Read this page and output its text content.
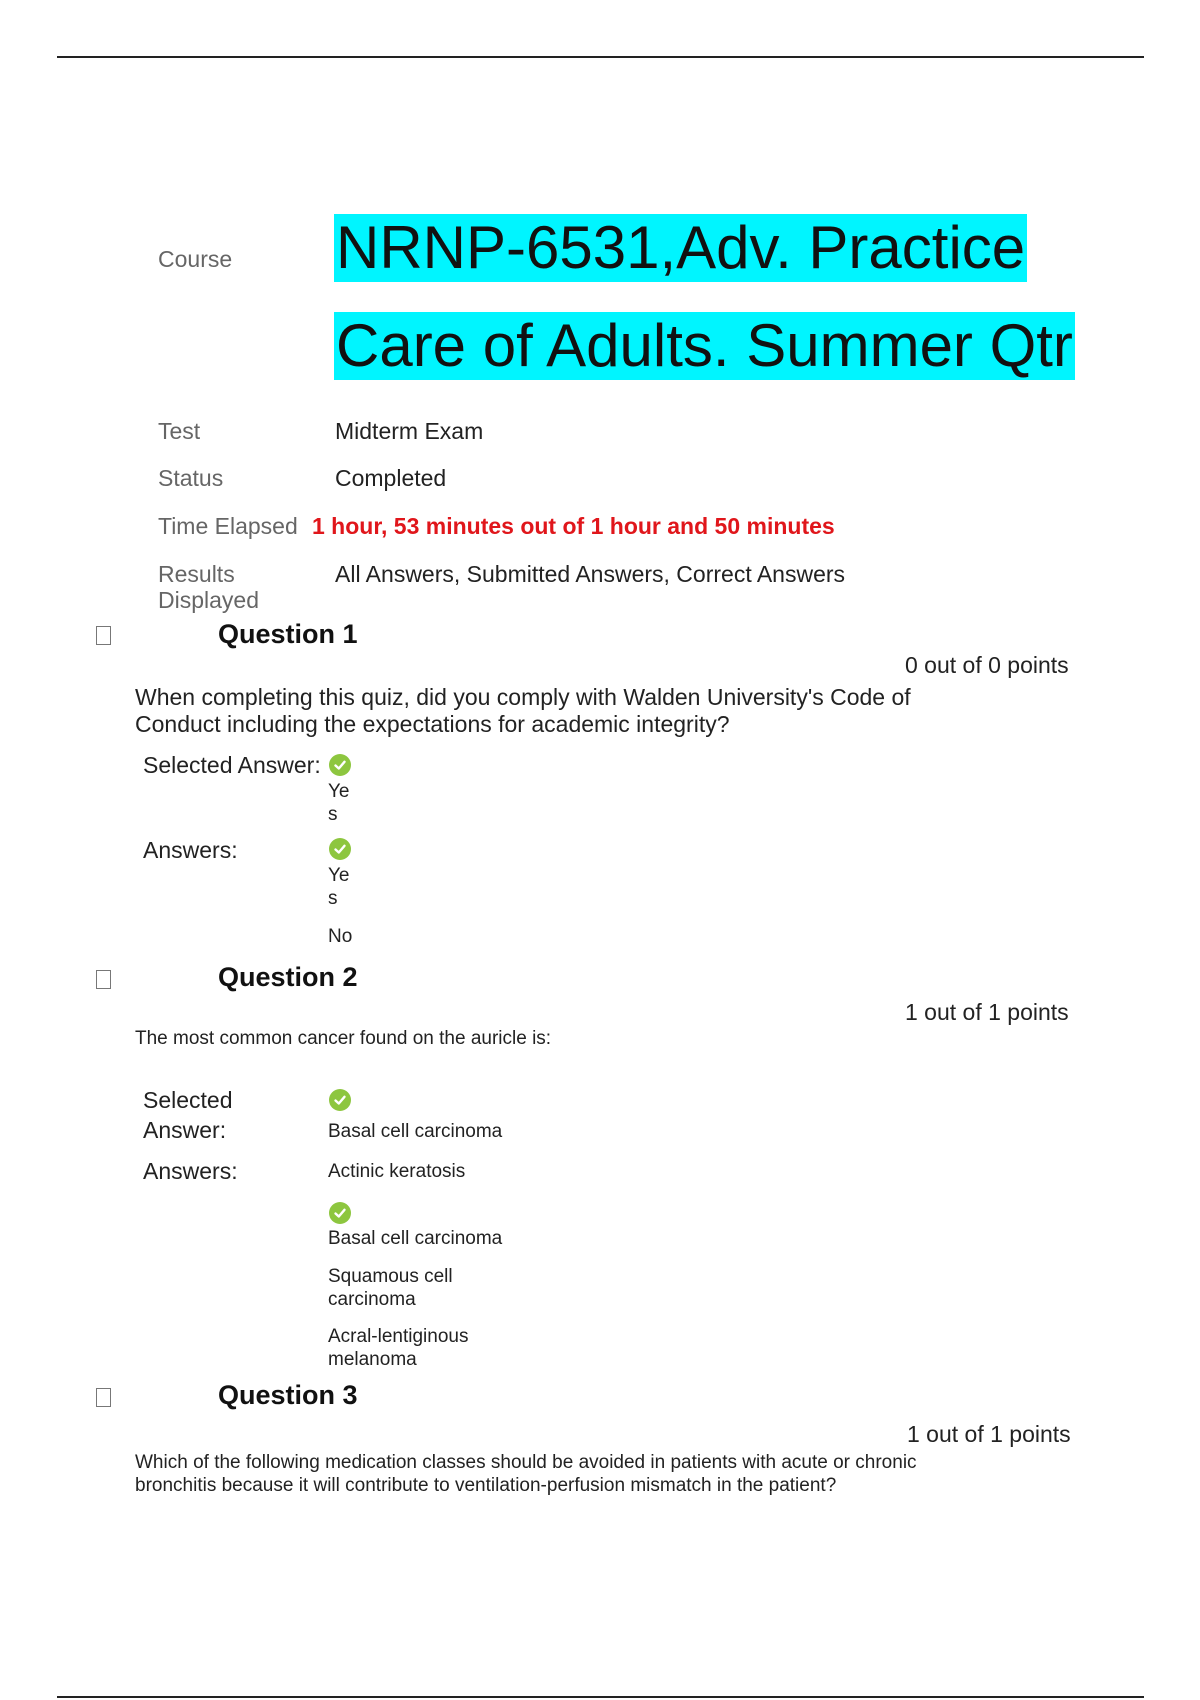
Course NRNP-6531,Adv. Practice
Care of Adults. Summer Qtr
Test	Midterm Exam
Status	Completed
Time Elapsed 1 hour, 53 minutes out of 1 hour and 50 minutes
Results
Displayed
All Answers, Submitted Answers, Correct Answers
Question 1
0 out of 0 points
When completing this quiz, did you comply with Walden University's Code of
Conduct including the expectations for academic integrity?
Selected Answer:
Ye
s
Answers:
Ye
s
No
Question 2
1 out of 1 points
The most common cancer found on the auricle is:
Selected
Answer:	Basal cell carcinoma
Answers:	Actinic keratosis
Basal cell carcinoma
Squamous cell
carcinoma
Acral-lentiginous
melanoma
Question 3
1 out of 1 points
Which of the following medication classes should be avoided in patients with acute or chronic
bronchitis because it will contribute to ventilation-perfusion mismatch in the patient?
